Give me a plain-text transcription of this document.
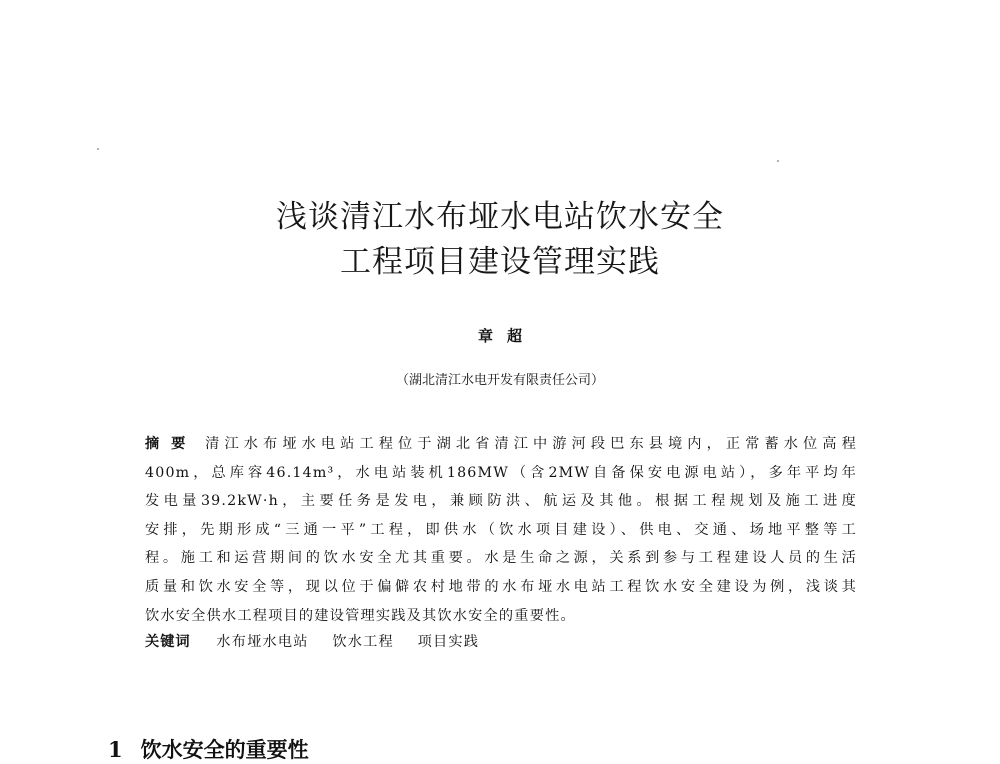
浅谈清江水布垭水电站饮水安全
工程项目建设管理实践
章超
（湖北清江水电开发有限责任公司）
摘要 清江水布垭水电站工程位于湖北省清江中游河段巴东县境内，正常蓄水位高程
400m，总库容46.14m³，水电站装机186MW（含2MW自备保安电源电站），多年平均年
发电量39.2kW·h，主要任务是发电，兼顾防洪、航运及其他。根据工程规划及施工进度
安排，先期形成“三通一平”工程，即供水（饮水项目建设）、供电、交通、场地平整等工
程。施工和运营期间的饮水安全尤其重要。水是生命之源，关系到参与工程建设人员的生活
质量和饮水安全等，现以位于偏僻农村地带的水布垭水电站工程饮水安全建设为例，浅谈其
饮水安全供水工程项目的建设管理实践及其饮水安全的重要性。
关键词 水布垭水电站 饮水工程 项目实践
1 饮水安全的重要性
